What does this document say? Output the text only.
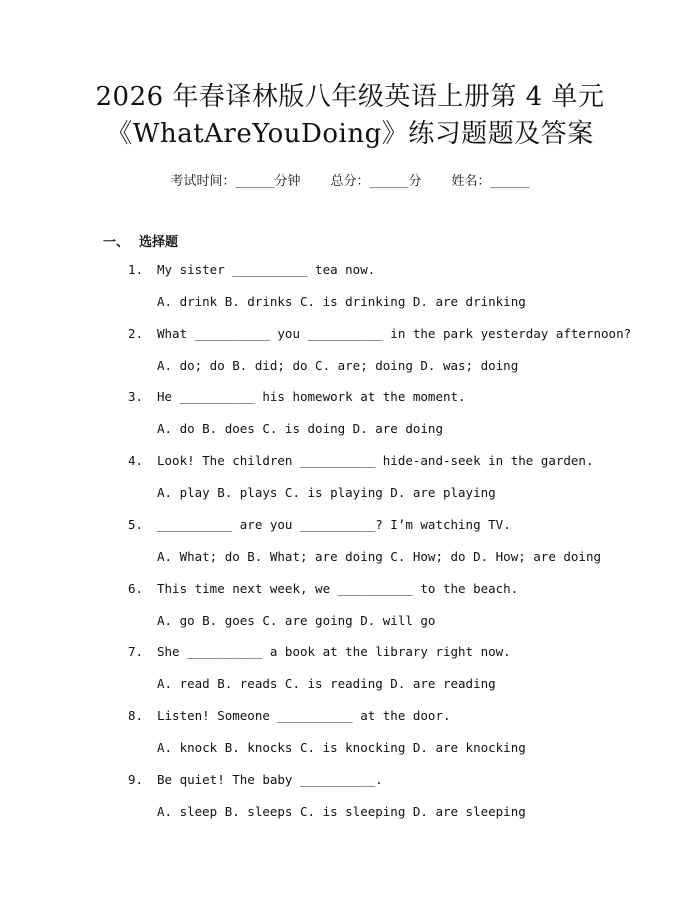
2026 年春译林版八年级英语上册第 4 单元
《WhatAreYouDoing》练习题题及答案
考试时间：______分钟 总分：______分 姓名：______
一、 选择题
1.	My sister __________ tea now.
A. drink B. drinks C. is drinking D. are drinking
2.	What __________ you __________ in the park yesterday afternoon?
A. do; do B. did; do C. are; doing D. was; doing
3.	He __________ his homework at the moment.
A. do B. does C. is doing D. are doing
4.	Look! The children __________ hide-and-seek in the garden.
A. play B. plays C. is playing D. are playing
5.	__________ are you __________? I’m watching TV.
A. What; do B. What; are doing C. How; do D. How; are doing
6.	This time next week, we __________ to the beach.
A. go B. goes C. are going D. will go
7.	She __________ a book at the library right now.
A. read B. reads C. is reading D. are reading
8.	Listen! Someone __________ at the door.
A. knock B. knocks C. is knocking D. are knocking
9.	Be quiet! The baby __________.
A. sleep B. sleeps C. is sleeping D. are sleeping
